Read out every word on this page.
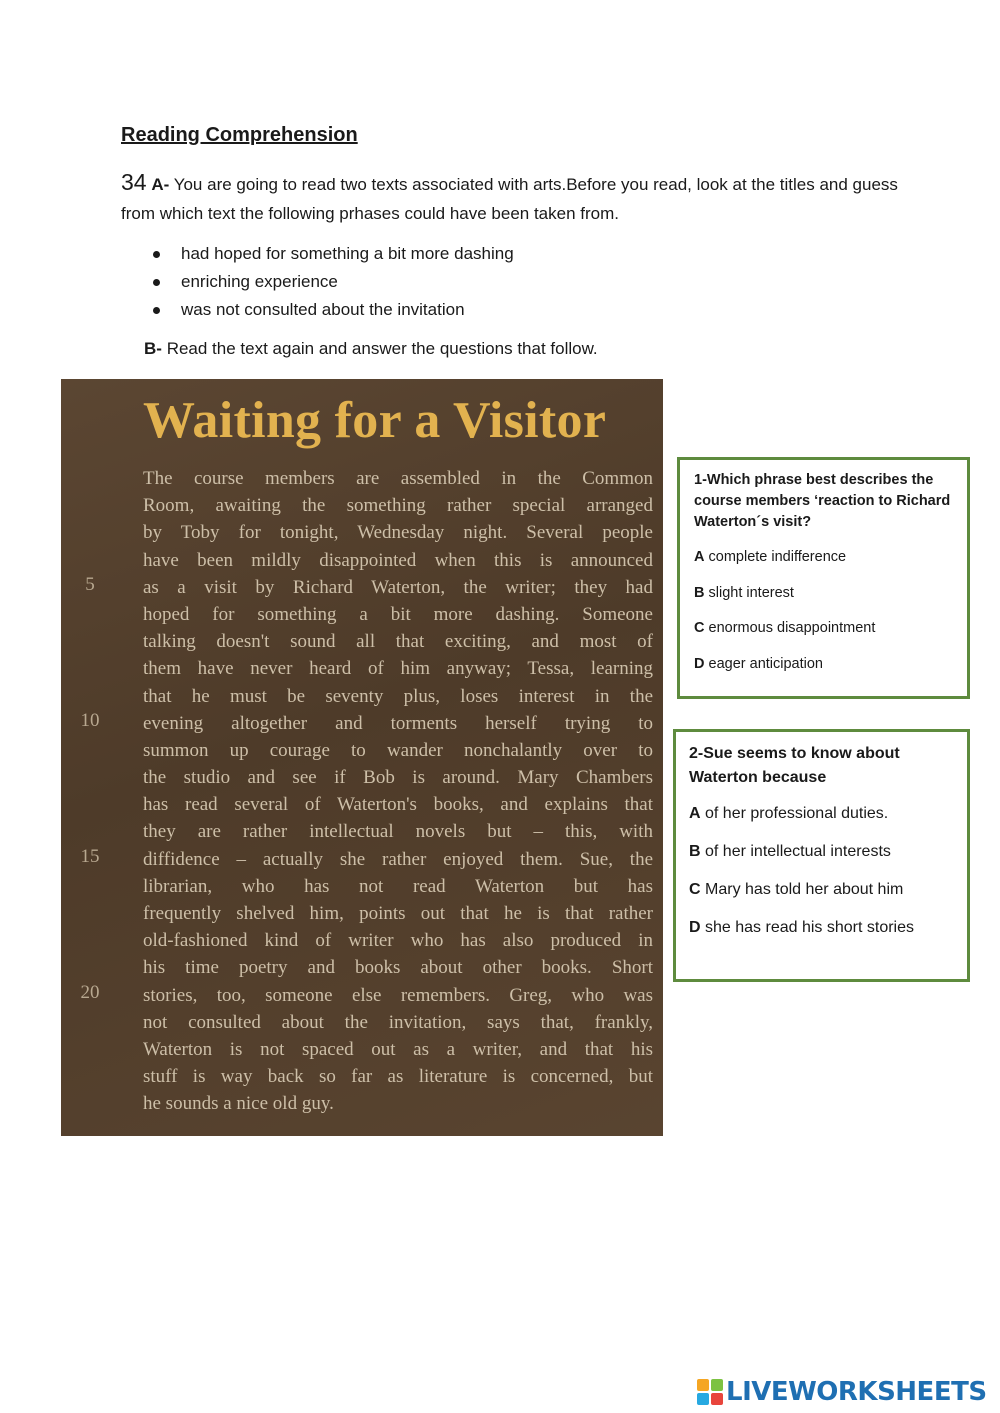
Reading Comprehension
34 A- You are going to read two texts associated with arts.Before you read, look at the titles and guess from which text the following prhases could have been taken from.
had hoped for something a bit more dashing
enriching experience
was not consulted about the invitation
B- Read the text again and answer the questions that follow.
Waiting for a Visitor
The course members are assembled in the Common
Room, awaiting the something rather special arranged
by Toby for tonight, Wednesday night. Several people
have been mildly disappointed when this is announced
as a visit by Richard Waterton, the writer; they had
hoped for something a bit more dashing. Someone
talking doesn't sound all that exciting, and most of
them have never heard of him anyway; Tessa, learning
that he must be seventy plus, loses interest in the
evening altogether and torments herself trying to
summon up courage to wander nonchalantly over to
the studio and see if Bob is around. Mary Chambers
has read several of Waterton's books, and explains that
they are rather intellectual novels but – this, with
diffidence – actually she rather enjoyed them. Sue, the
librarian, who has not read Waterton but has
frequently shelved him, points out that he is that rather
old-fashioned kind of writer who has also produced in
his time poetry and books about other books. Short
stories, too, someone else remembers. Greg, who was
not consulted about the invitation, says that, frankly,
Waterton is not spaced out as a writer, and that his
stuff is way back so far as literature is concerned, but
he sounds a nice old guy.
5
10
15
20
1-Which phrase best describes the course members ‘reaction to Richard Waterton´s visit?
A complete indifference
B slight interest
C enormous disappointment
D eager anticipation
2-Sue seems to know about Waterton because
A of her professional duties.
B of her intellectual interests
C Mary has told her about him
D she has read his short stories
LIVEWORKSHEETS
